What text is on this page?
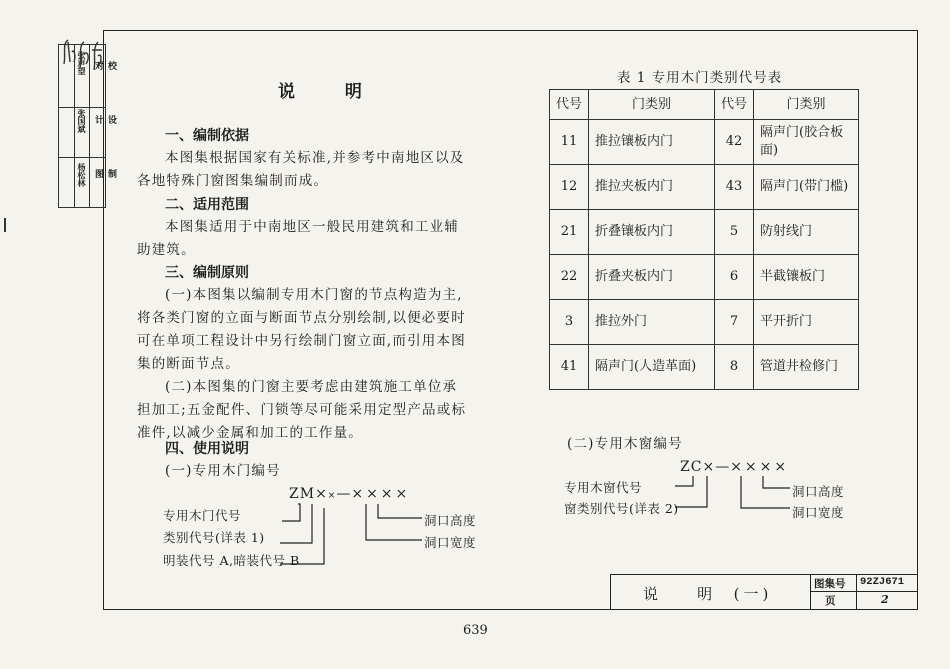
校
对
设
计
制
图
张声望
张国斌
杨松林
说 明
一、编制依据
本图集根据国家有关标准,并参考中南地区以及
各地特殊门窗图集编制而成。
二、适用范围
本图集适用于中南地区一般民用建筑和工业辅
助建筑。
三、编制原则
(一)本图集以编制专用木门窗的节点构造为主,
将各类门窗的立面与断面节点分别绘制,以便必要时
可在单项工程设计中另行绘制门窗立面,而引用本图
集的断面节点。
(二)本图集的门窗主要考虑由建筑施工单位承
担加工;五金配件、门锁等尽可能采用定型产品或标
准件,以减少金属和加工的工作量。
四、使用说明
(一)专用木门编号
ZM××—××××
专用木门代号
类别代号(详表 1)
明装代号 A,暗装代号 B
洞口高度
洞口宽度
表 1 专用木门类别代号表
代号	门类别	代号	门类别
11	推拉镶板内门	42	隔声门(胶合板面)
12	推拉夹板内门	43	隔声门(带门槛)
21	折叠镶板内门	5	防射线门
22	折叠夹板内门	6	半截镶板门
3	推拉外门	7	平开折门
41	隔声门(人造革面)	8	管道井检修门
(二)专用木窗编号
ZC×—××××
专用木窗代号
窗类别代号(详表 2)
洞口高度
洞口宽度
说    明  (一)
图集号 92ZJ671
页	2
639
